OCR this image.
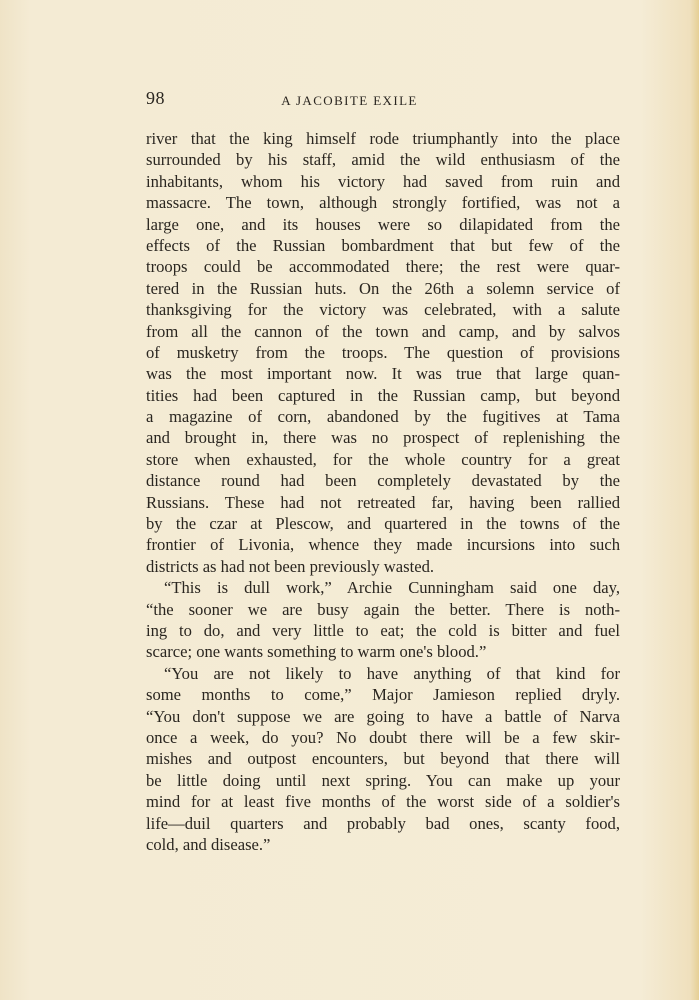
98	A JACOBITE EXILE
river that the king himself rode triumphantly into the place
surrounded by his staff, amid the wild enthusiasm of the
inhabitants, whom his victory had saved from ruin and
massacre. The town, although strongly fortified, was not a
large one, and its houses were so dilapidated from the
effects of the Russian bombardment that but few of the
troops could be accommodated there; the rest were quar-
tered in the Russian huts. On the 26th a solemn service of
thanksgiving for the victory was celebrated, with a salute
from all the cannon of the town and camp, and by salvos
of musketry from the troops. The question of provisions
was the most important now. It was true that large quan-
tities had been captured in the Russian camp, but beyond
a magazine of corn, abandoned by the fugitives at Tama
and brought in, there was no prospect of replenishing the
store when exhausted, for the whole country for a great
distance round had been completely devastated by the
Russians. These had not retreated far, having been rallied
by the czar at Plescow, and quartered in the towns of the
frontier of Livonia, whence they made incursions into such
districts as had not been previously wasted.
“This is dull work,” Archie Cunningham said one day,
“the sooner we are busy again the better. There is noth-
ing to do, and very little to eat; the cold is bitter and fuel
scarce; one wants something to warm one's blood.”
“You are not likely to have anything of that kind for
some months to come,” Major Jamieson replied dryly.
“You don't suppose we are going to have a battle of Narva
once a week, do you? No doubt there will be a few skir-
mishes and outpost encounters, but beyond that there will
be little doing until next spring. You can make up your
mind for at least five months of the worst side of a soldier's
life—duil quarters and probably bad ones, scanty food,
cold, and disease.”
